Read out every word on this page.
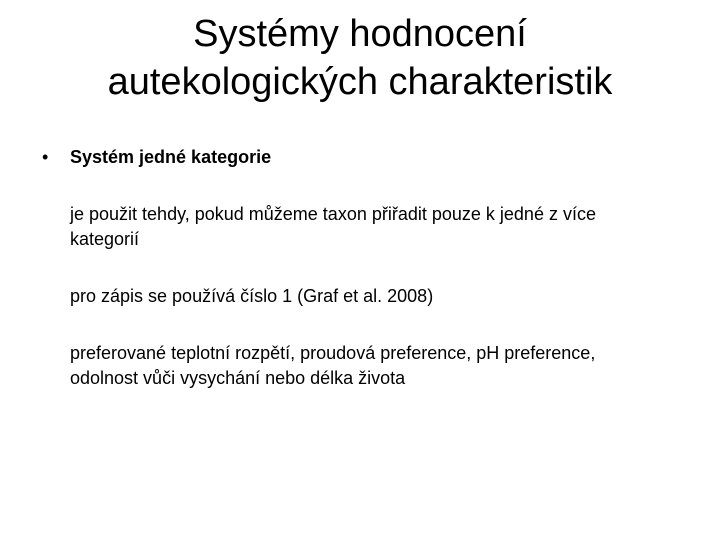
Systémy hodnocení
autekologických charakteristik
• Systém jedné kategorie
je použit tehdy, pokud můžeme taxon přiřadit pouze k jedné z více
kategorií
pro zápis se používá číslo 1 (Graf et al. 2008)
preferované teplotní rozpětí, proudová preference, pH preference,
odolnost vůči vysychání nebo délka života
